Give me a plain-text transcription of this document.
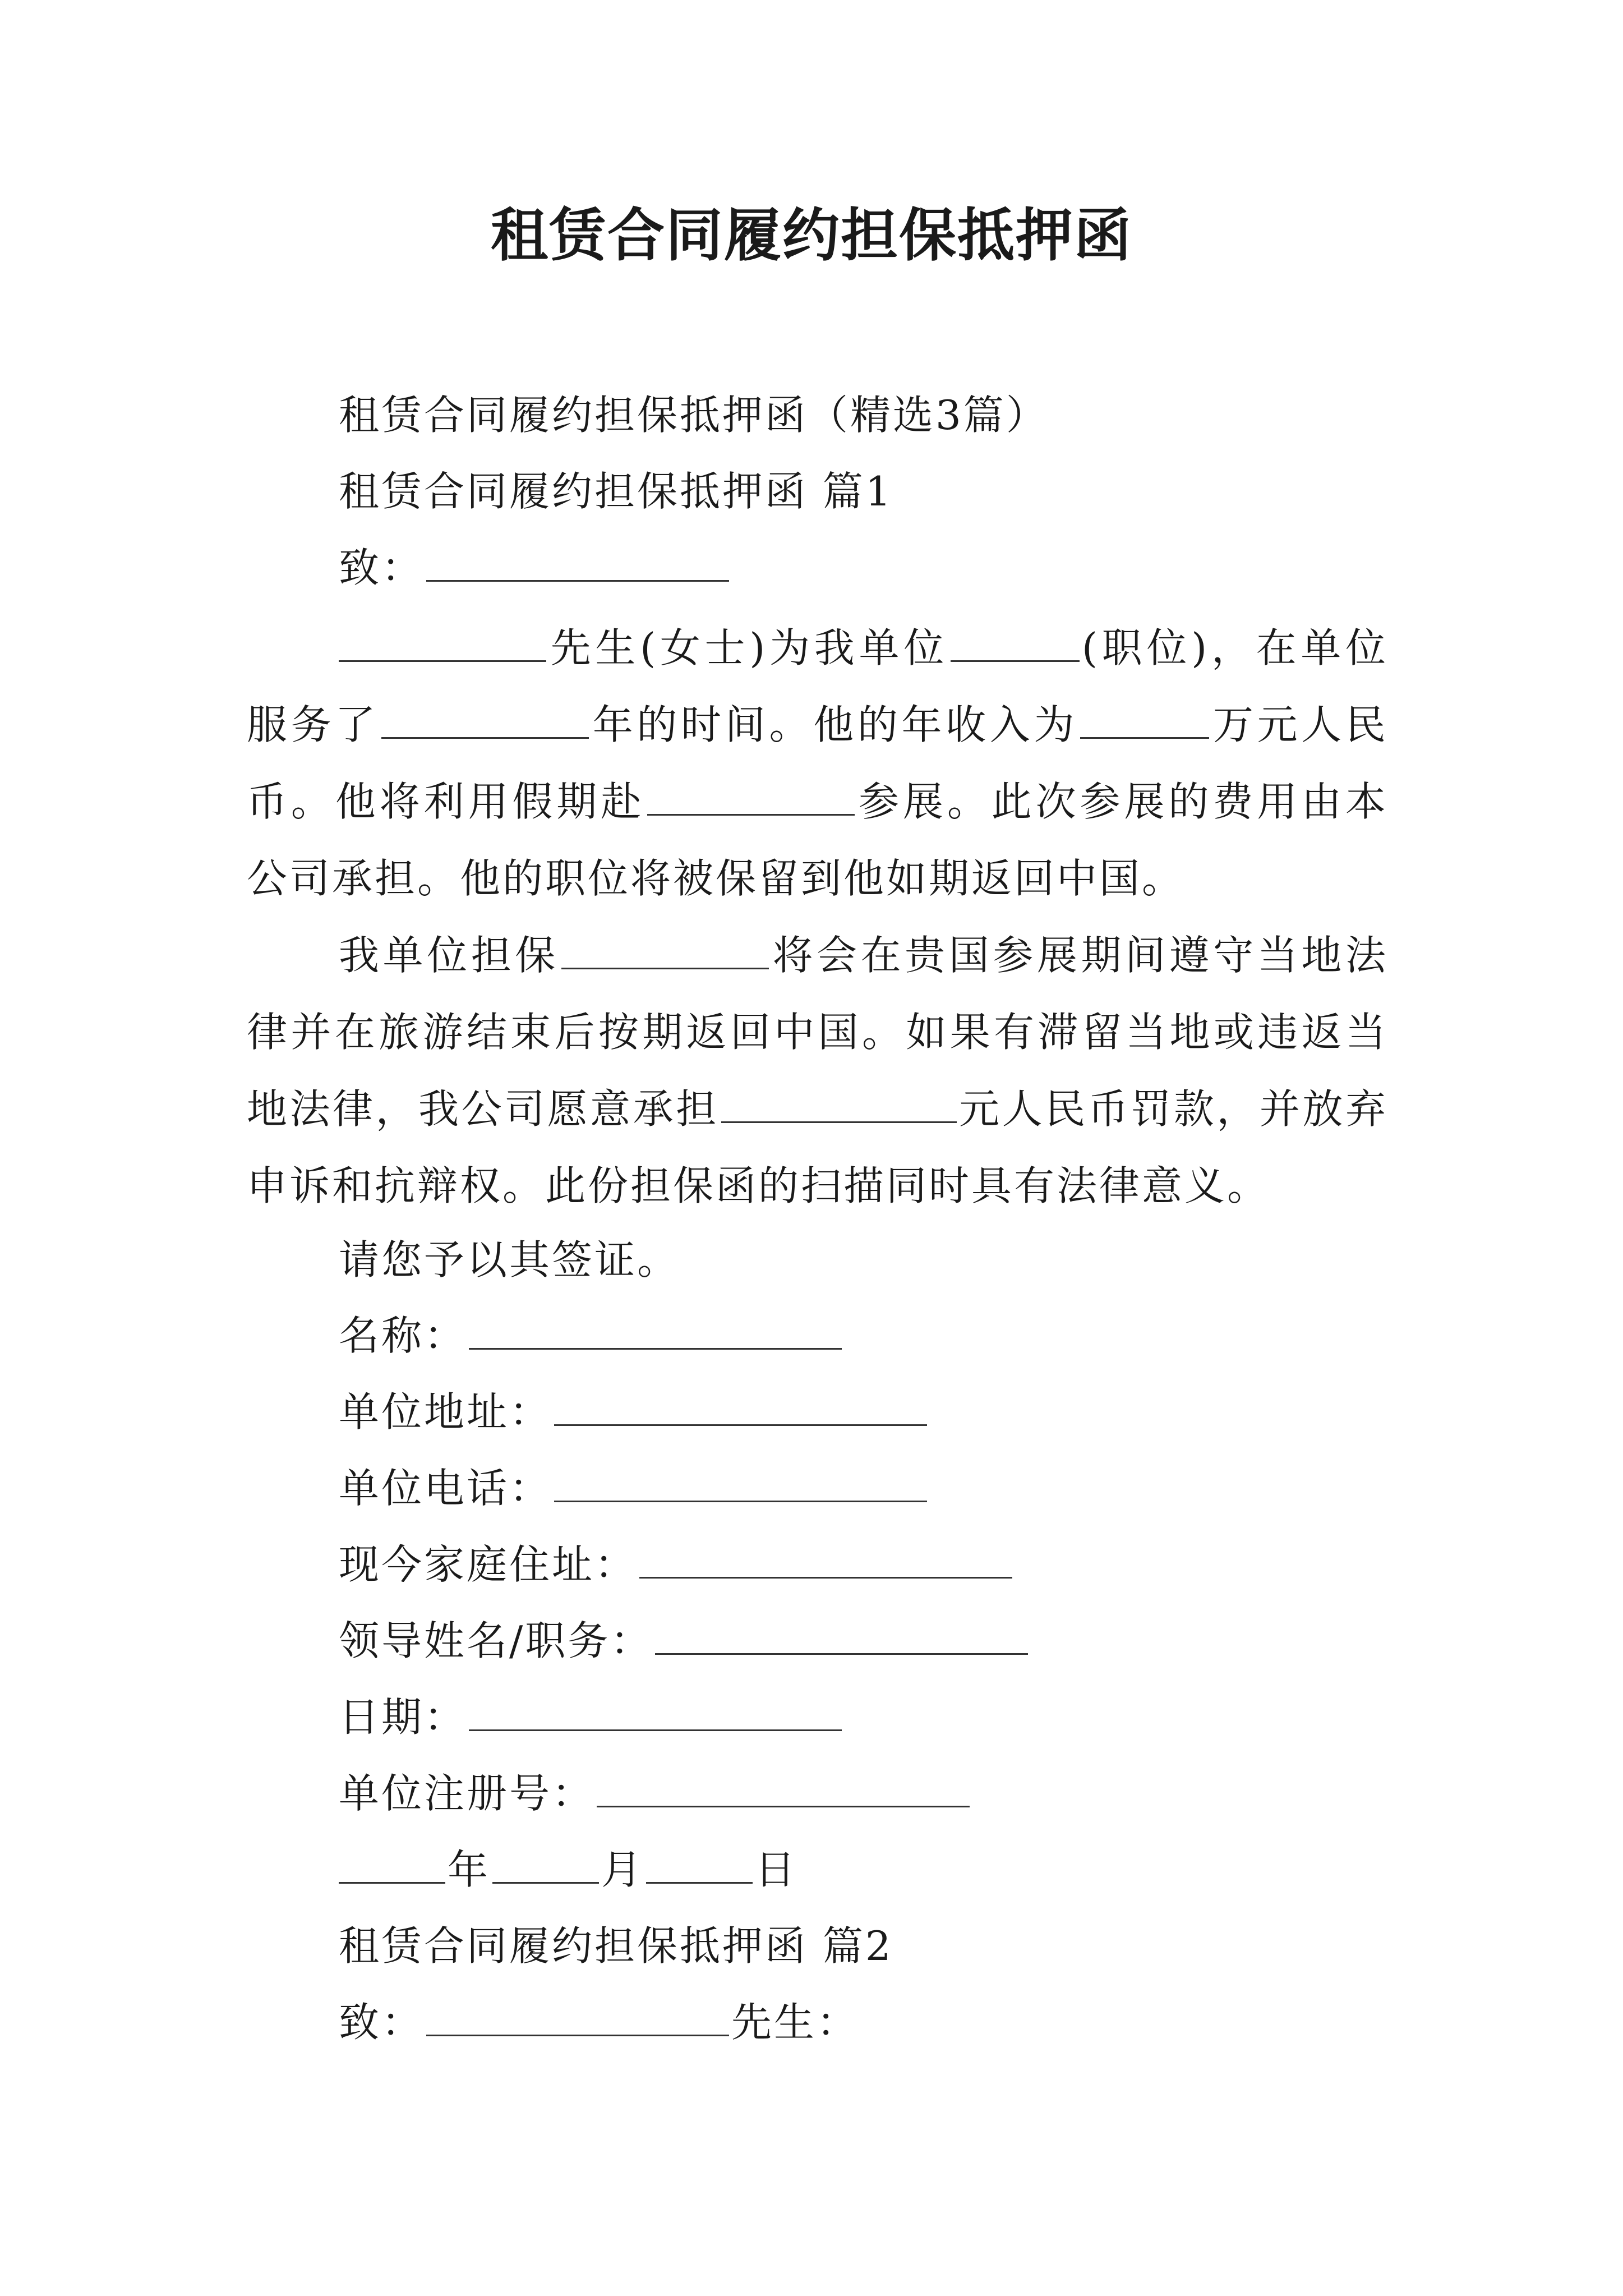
租赁合同履约担保抵押函
租赁合同履约担保抵押函（精选3篇）
租赁合同履约担保抵押函 篇1
致：

先生(女士)为我单位	(职位)，在单位服务了	年的时间。他的年收入为	万元人民币。他将利用假期赴	参展。此次参展的费用由本公司承担。他的职位将被保留到他如期返回中国。

我单位担保	将会在贵国参展期间遵守当地法律并在旅游结束后按期返回中国。如果有滞留当地或违返当地法律，我公司愿意承担	元人民币罚款，并放弃申诉和抗辩权。此份担保函的扫描同时具有法律意义。

请您予以其签证。
名称：
单位地址：
单位电话：
现今家庭住址：
领导姓名/职务：
日期：
单位注册号：
年	月	日
租赁合同履约担保抵押函 篇2
致：	先生：
